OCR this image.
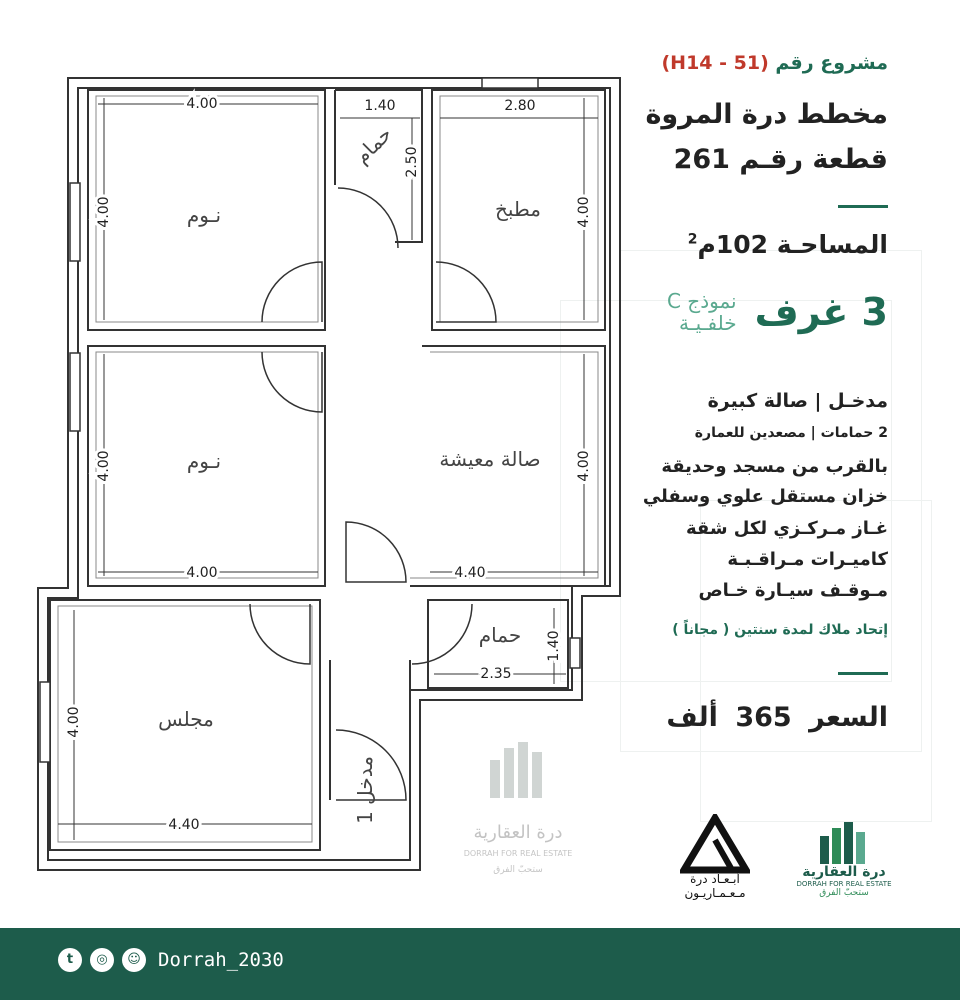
4.00
4.00
1.40
2.50
2.80
4.00
4.00
4.00
4.00
4.40
1.40
2.35
4.00
4.40
نـوم	مطبخ
حمام
نـوم	صالة معيشة
مجلس
حمام
مدخل 1
درة العقارية
DORRAH FOR REAL ESTATE
ستحبّ الفرق
مشروع رقم (H14 - 51)
مخطط درة المروة
قطعة رقـم 261
المساحـة 102م$^2$
3 غرف
نموذج C
خلفـيـة
مدخـل | صالة كبيرة
2 حمامات | مصعدين للعمارة
بالقرب من مسجد وحديقة
خزان مستقل علوي وسفلي
غـاز مـركـزي لكل شقة
كاميـرات مـراقـبـة
مـوقـف سيـارة خـاص
إتحاد ملاك لمدة سنتين ( مجاناً )
السعر 365 ألف
أبـعـاد درة
مـعـمـاريـون
درة العقارية
DORRAH FOR REAL ESTATE
ستحبّ الفرق
t	◎	☺ Dorrah_2030
